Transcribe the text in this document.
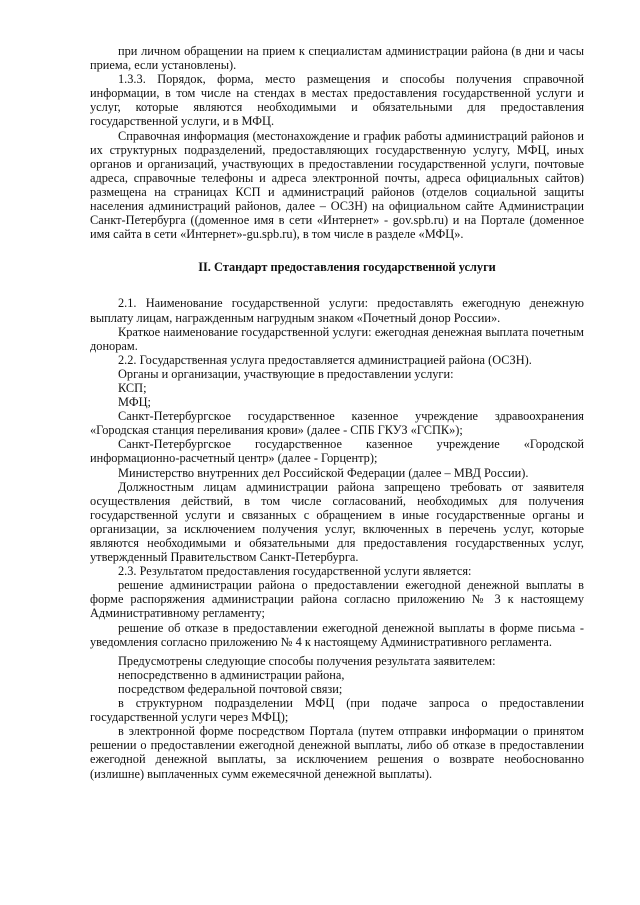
при личном обращении на прием к специалистам администрации района (в дни и часы приема, если установлены).

1.3.3. Порядок, форма, место размещения и способы получения справочной информации, в том числе на стендах в местах предоставления государственной услуги и услуг, которые являются необходимыми и обязательными для предоставления государственной услуги, и в МФЦ.

Справочная информация (местонахождение и график работы администраций районов и их структурных подразделений, предоставляющих государственную услугу, МФЦ, иных органов и организаций, участвующих в предоставлении государственной услуги, почтовые адреса, справочные телефоны и адреса электронной почты, адреса официальных сайтов) размещена на страницах КСП и администраций районов (отделов социальной защиты населения администраций районов, далее – ОСЗН) на официальном сайте Администрации Санкт-Петербурга ((доменное имя в сети «Интернет» - gov.spb.ru) и на Портале (доменное имя сайта в сети «Интернет»-gu.spb.ru), в том числе в разделе «МФЦ».

II. Стандарт предоставления государственной услуги

2.1. Наименование государственной услуги: предоставлять ежегодную денежную выплату лицам, награжденным нагрудным знаком «Почетный донор России».

Краткое наименование государственной услуги: ежегодная денежная выплата почетным донорам.

2.2. Государственная услуга предоставляется администрацией района (ОСЗН).

Органы и организации, участвующие в предоставлении услуги:

КСП;

МФЦ;

Санкт-Петербургское государственное казенное учреждение здравоохранения «Городская станция переливания крови» (далее - СПБ ГКУЗ «ГСПК»);

Санкт-Петербургское государственное казенное учреждение «Городской информационно-расчетный центр» (далее - Горцентр);

Министерство внутренних дел Российской Федерации (далее – МВД России).

Должностным лицам администрации района запрещено требовать от заявителя осуществления действий, в том числе согласований, необходимых для получения государственной услуги и связанных с обращением в иные государственные органы и организации, за исключением получения услуг, включенных в перечень услуг, которые являются необходимыми и обязательными для предоставления государственных услуг, утвержденный Правительством Санкт-Петербурга.

2.3. Результатом предоставления государственной услуги является:

решение администрации района о предоставлении ежегодной денежной выплаты в форме распоряжения администрации района согласно приложению № 3 к настоящему Административному регламенту;

решение об отказе в предоставлении ежегодной денежной выплаты в форме письма - уведомления согласно приложению № 4 к настоящему Административного регламента.

Предусмотрены следующие способы получения результата заявителем:

непосредственно в администрации района,

посредством федеральной почтовой связи;

в структурном подразделении МФЦ (при подаче запроса о предоставлении государственной услуги через МФЦ);

в электронной форме посредством Портала (путем отправки информации о принятом решении о предоставлении ежегодной денежной выплаты, либо об отказе в предоставлении ежегодной денежной выплаты, за исключением решения о возврате необоснованно (излишне) выплаченных сумм ежемесячной денежной выплаты).
